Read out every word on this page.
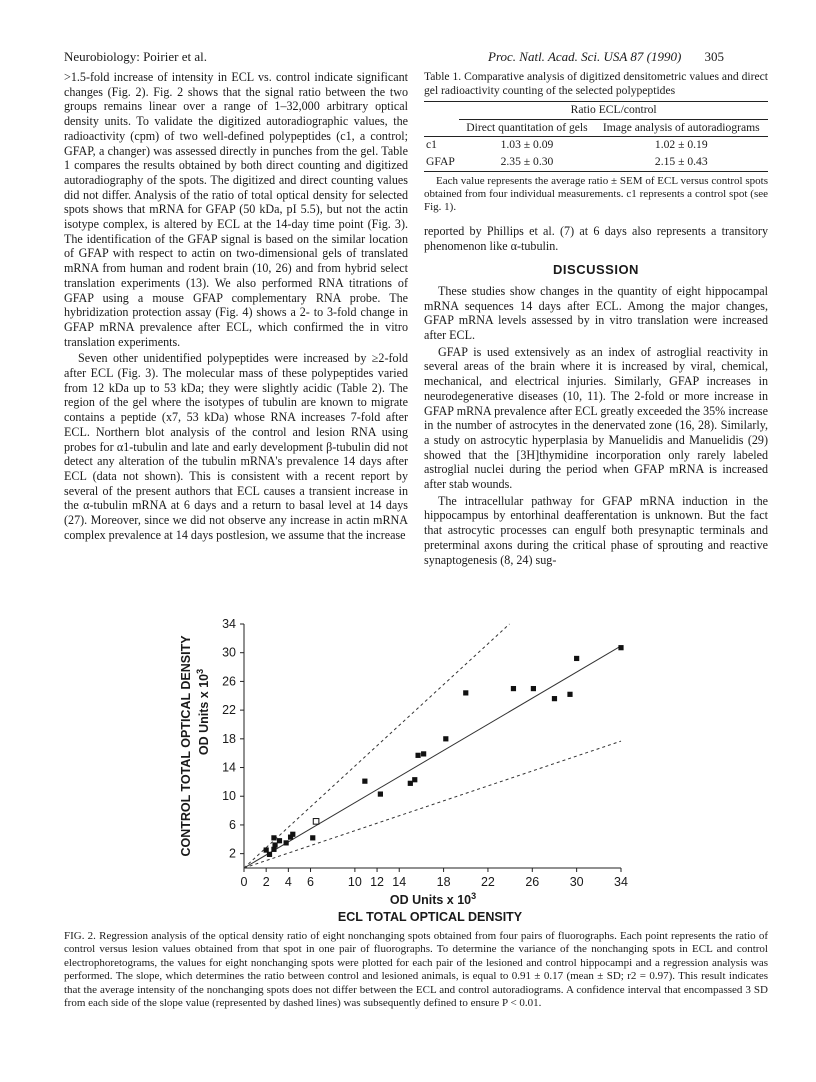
Neurobiology: Poirier et al.	Proc. Natl. Acad. Sci. USA 87 (1990) 305

>1.5-fold increase of intensity in ECL vs. control indicate significant changes (Fig. 2). Fig. 2 shows that the signal ratio between the two groups remains linear over a range of 1–32,000 arbitrary optical density units. To validate the digitized autoradiographic values, the radioactivity (cpm) of two well-defined polypeptides (c1, a control; GFAP, a changer) was assessed directly in punches from the gel. Table 1 compares the results obtained by both direct counting and digitized autoradiography of the spots. The digitized and direct counting values did not differ. Analysis of the ratio of total optical density for selected spots shows that mRNA for GFAP (50 kDa, pI 5.5), but not the actin isotype complex, is altered by ECL at the 14-day time point (Fig. 3). The identification of the GFAP signal is based on the similar location of GFAP with respect to actin on two-dimensional gels of translated mRNA from human and rodent brain (10, 26) and from hybrid select translation experiments (13). We also performed RNA titrations of GFAP using a mouse GFAP complementary RNA probe. The hybridization protection assay (Fig. 4) shows a 2- to 3-fold change in GFAP mRNA prevalence after ECL, which confirmed the in vitro translation experiments.

Seven other unidentified polypeptides were increased by ≥2-fold after ECL (Fig. 3). The molecular mass of these polypeptides varied from 12 kDa up to 53 kDa; they were slightly acidic (Table 2). The region of the gel where the isotypes of tubulin are known to migrate contains a peptide (x7, 53 kDa) whose RNA increases 7-fold after ECL. Northern blot analysis of the control and lesion RNA using probes for α1-tubulin and late and early development β-tubulin did not detect any alteration of the tubulin mRNA's prevalence 14 days after ECL (data not shown). This is consistent with a recent report by several of the present authors that ECL causes a transient increase in the α-tubulin mRNA at 6 days and a return to basal level at 14 days (27). Moreover, since we did not observe any increase in actin mRNA complex prevalence at 14 days postlesion, we assume that the increase

Table 1. Comparative analysis of digitized densitometric values and direct gel radioactivity counting of the selected polypeptides
	Ratio ECL/control	
	Direct quantitation of gels	Image analysis of autoradiograms
c1	1.03 ± 0.09	1.02 ± 0.19
GFAP	2.35 ± 0.30	2.15 ± 0.43
Each value represents the average ratio ± SEM of ECL versus control spots obtained from four individual measurements. c1 represents a control spot (see Fig. 1).

reported by Phillips et al. (7) at 6 days also represents a transitory phenomenon like α-tubulin.

DISCUSSION

These studies show changes in the quantity of eight hippocampal mRNA sequences 14 days after ECL. Among the major changes, GFAP mRNA levels assessed by in vitro translation were increased after ECL.

GFAP is used extensively as an index of astroglial reactivity in several areas of the brain where it is increased by viral, chemical, mechanical, and electrical injuries. Similarly, GFAP increases in neurodegenerative diseases (10, 11). The 2-fold or more increase in GFAP mRNA prevalence after ECL greatly exceeded the 35% increase in the number of astrocytes in the denervated zone (16, 28). Similarly, a study on astrocytic hyperplasia by Manuelidis and Manuelidis (29) showed that the [3H]thymidine incorporation only rarely labeled astroglial nuclei during the period when GFAP mRNA is increased after stab wounds.

The intracellular pathway for GFAP mRNA induction in the hippocampus by entorhinal deafferentation is unknown. But the fact that astrocytic processes can engulf both presynaptic terminals and preterminal axons during the critical phase of sprouting and reactive synaptogenesis (8, 24) sug-

0 2 4 6	10 12 14 18 22 26 30 34
2
6
10
14
18
22
26
30
34
OD Units x $10^3$
ECL TOTAL OPTICAL DENSITY
CONTROL TOTAL OPTICAL DENSITY OD Units x $10^3$
FIG. 2. Regression analysis of the optical density ratio of eight nonchanging spots obtained from four pairs of fluorographs. Each point represents the ratio of control versus lesion values obtained from that spot in one pair of fluorographs. To determine the variance of the nonchanging spots in ECL and control electrophoretograms, the values for eight nonchanging spots were plotted for each pair of the lesioned and control hippocampi and a regression analysis was performed. The slope, which determines the ratio between control and lesioned animals, is equal to 0.91 ± 0.17 (mean ± SD; r2 = 0.97). This result indicates that the average intensity of the nonchanging spots does not differ between the ECL and control autoradiograms. A confidence interval that encompassed 3 SD from each side of the slope value (represented by dashed lines) was subsequently defined to ensure P < 0.01.
